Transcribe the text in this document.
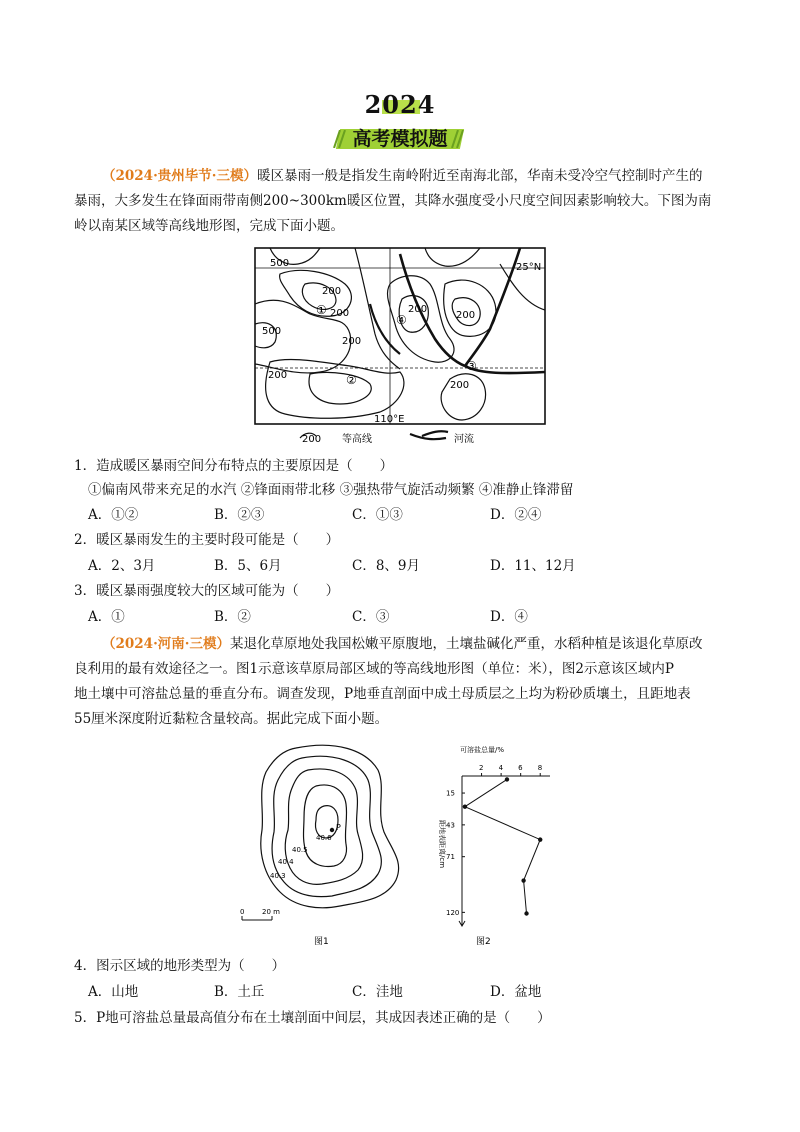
2024
高考模拟题
（2024·贵州毕节·三模）暖区暴雨一般是指发生南岭附近至南海北部，华南未受冷空气控制时产生的
暴雨，大多发生在锋面雨带南侧200~300km暖区位置，其降水强度受小尺度空间因素影响较大。下图为南
岭以南某区域等高线地形图，完成下面小题。
500
500
200
200
200
200
200
200
200
25°N
110°E
①
②
③
④
200 等高线	河流
1．造成暖区暴雨空间分布特点的主要原因是（　　）
①偏南风带来充足的水汽 ②锋面雨带北移 ③强热带气旋活动频繁 ④准静止锋滞留
A．①②	B．②③	C．①③	D．②④
2．暖区暴雨发生的主要时段可能是（　　）
A．2、3月	B．5、6月	C．8、9月	D．11、12月
3．暖区暴雨强度较大的区域可能为（　　）
A．①	B．②	C．③	D．④
（2024·河南·三模）某退化草原地处我国松嫩平原腹地，土壤盐碱化严重，水稻种植是该退化草原改
良利用的最有效途径之一。图1示意该草原局部区域的等高线地形图（单位：米），图2示意该区域内P
地土壤中可溶盐总量的垂直分布。调查发现，P地垂直剖面中成土母质层之上均为粉砂质壤土，且距地表
55厘米深度附近黏粒含量较高。据此完成下面小题。
P
40.6
40.5
40.4
40.3
0	20 m
图1
可溶盐总量/%
2 4 6 8
15
43
71
120
距地表距离/cm
图2
4．图示区域的地形类型为（　　）
A．山地	B．土丘	C．洼地	D．盆地
5．P地可溶盐总量最高值分布在土壤剖面中间层，其成因表述正确的是（　　）
